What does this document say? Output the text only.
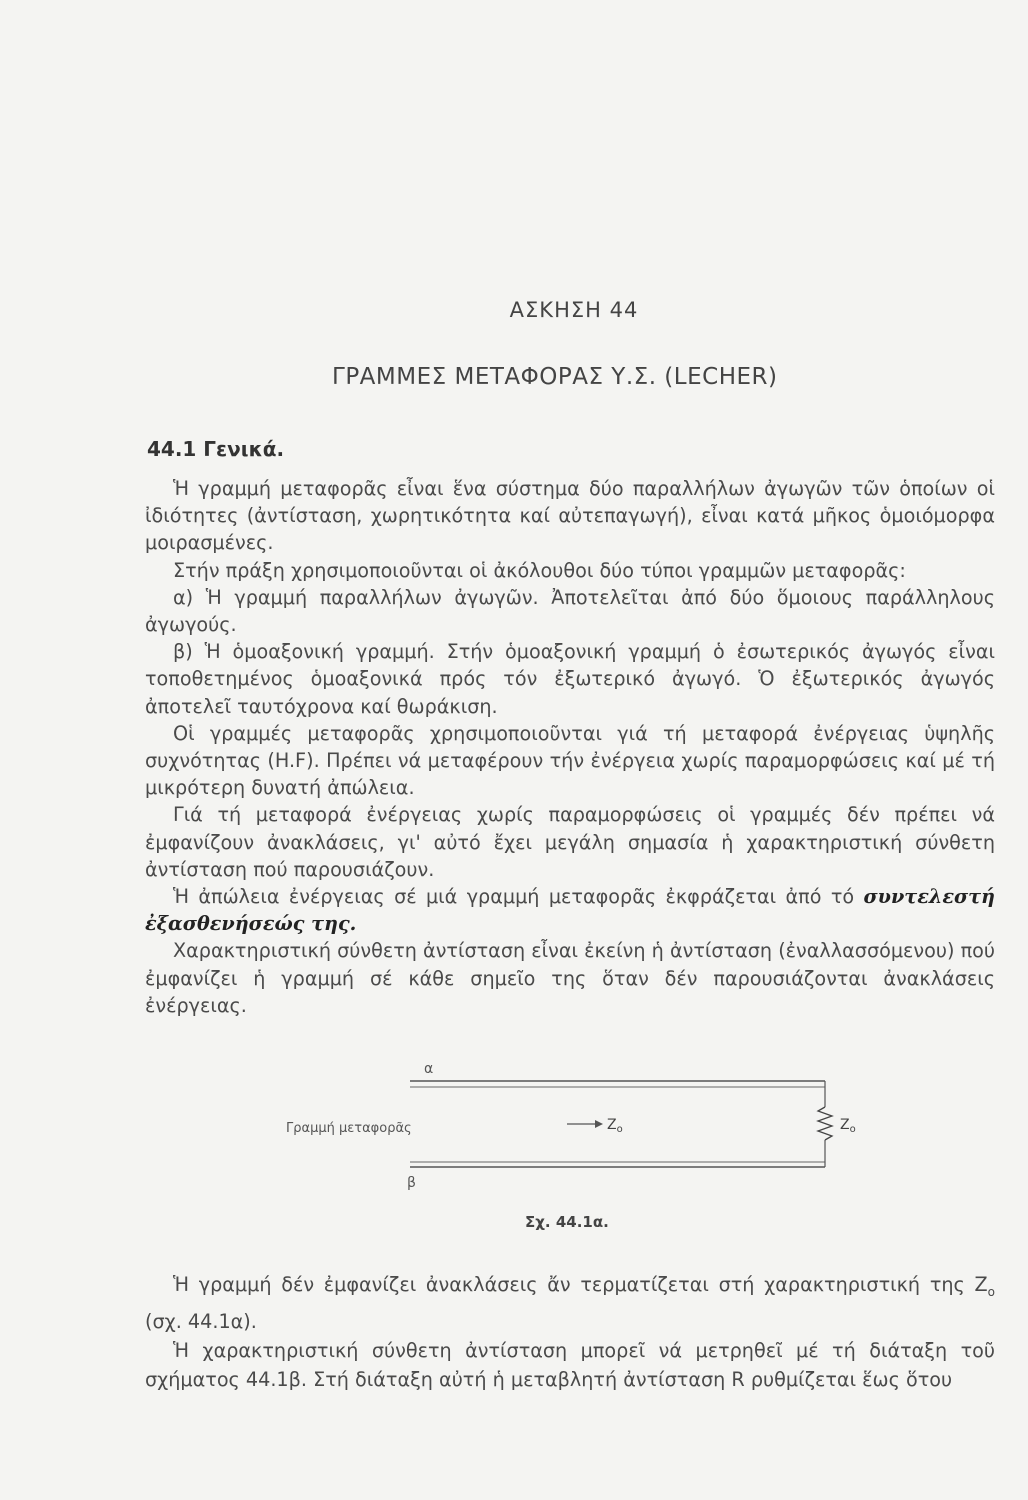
ΑΣΚΗΣΗ 44
ΓΡΑΜΜΕΣ ΜΕΤΑΦΟΡΑΣ Υ.Σ. (LECHER)
44.1 Γενικά.

Ἡ γραμμή μεταφορᾶς εἶναι ἕνα σύστημα δύο παραλλήλων ἀγωγῶν τῶν ὁποίων οἱ ἰδιότητες (ἀντίσταση, χωρητικότητα καί αὐτεπαγωγή), εἶναι κατά μῆκος ὁμοιόμορφα μοιρασμένες.

Στήν πράξη χρησιμοποιοῦνται οἱ ἀκόλουθοι δύο τύποι γραμμῶν μεταφορᾶς:

α) Ἡ γραμμή παραλλήλων ἀγωγῶν. Ἀποτελεῖται ἀπό δύο ὅμοιους παράλληλους ἀγωγούς.

β) Ἡ ὁμοαξονική γραμμή. Στήν ὁμοαξονική γραμμή ὁ ἐσωτερικός ἀγωγός εἶναι τοποθετημένος ὁμοαξονικά πρός τόν ἐξωτερικό ἀγωγό. Ὁ ἐξωτερικός ἀγωγός ἀποτελεῖ ταυτόχρονα καί θωράκιση.

Οἱ γραμμές μεταφορᾶς χρησιμοποιοῦνται γιά τή μεταφορά ἐνέργειας ὑψηλῆς συχνότητας (H.F). Πρέπει νά μεταφέρουν τήν ἐνέργεια χωρίς παραμορφώσεις καί μέ τή μικρότερη δυνατή ἀπώλεια.

Γιά τή μεταφορά ἐνέργειας χωρίς παραμορφώσεις οἱ γραμμές δέν πρέπει νά ἐμφανίζουν ἀνακλάσεις, γι' αὐτό ἔχει μεγάλη σημασία ἡ χαρακτηριστική σύνθετη ἀντίσταση πού παρουσιάζουν.

Ἡ ἀπώλεια ἐνέργειας σέ μιά γραμμή μεταφορᾶς ἐκφράζεται ἀπό τό συντελεστή ἐξασθενήσεώς της.

Χαρακτηριστική σύνθετη ἀντίσταση εἶναι ἐκείνη ἡ ἀντίσταση (ἐναλλασσόμενου) πού ἐμφανίζει ἡ γραμμή σέ κάθε σημεῖο της ὅταν δέν παρουσιάζονται ἀνακλάσεις ἐνέργειας.

α
$Z_o$
Γραμμή μεταφορᾶς	$Z_o$
β
Σχ. 44.1α.

Ἡ γραμμή δέν ἐμφανίζει ἀνακλάσεις ἄν τερματίζεται στή χαρακτηριστική της $Z_o$ (σχ. 44.1α).

Ἡ χαρακτηριστική σύνθετη ἀντίσταση μπορεῖ νά μετρηθεῖ μέ τή διάταξη τοῦ σχήματος 44.1β. Στή διάταξη αὐτή ἡ μεταβλητή ἀντίσταση R ρυθμίζεται ἕως ὅτου
